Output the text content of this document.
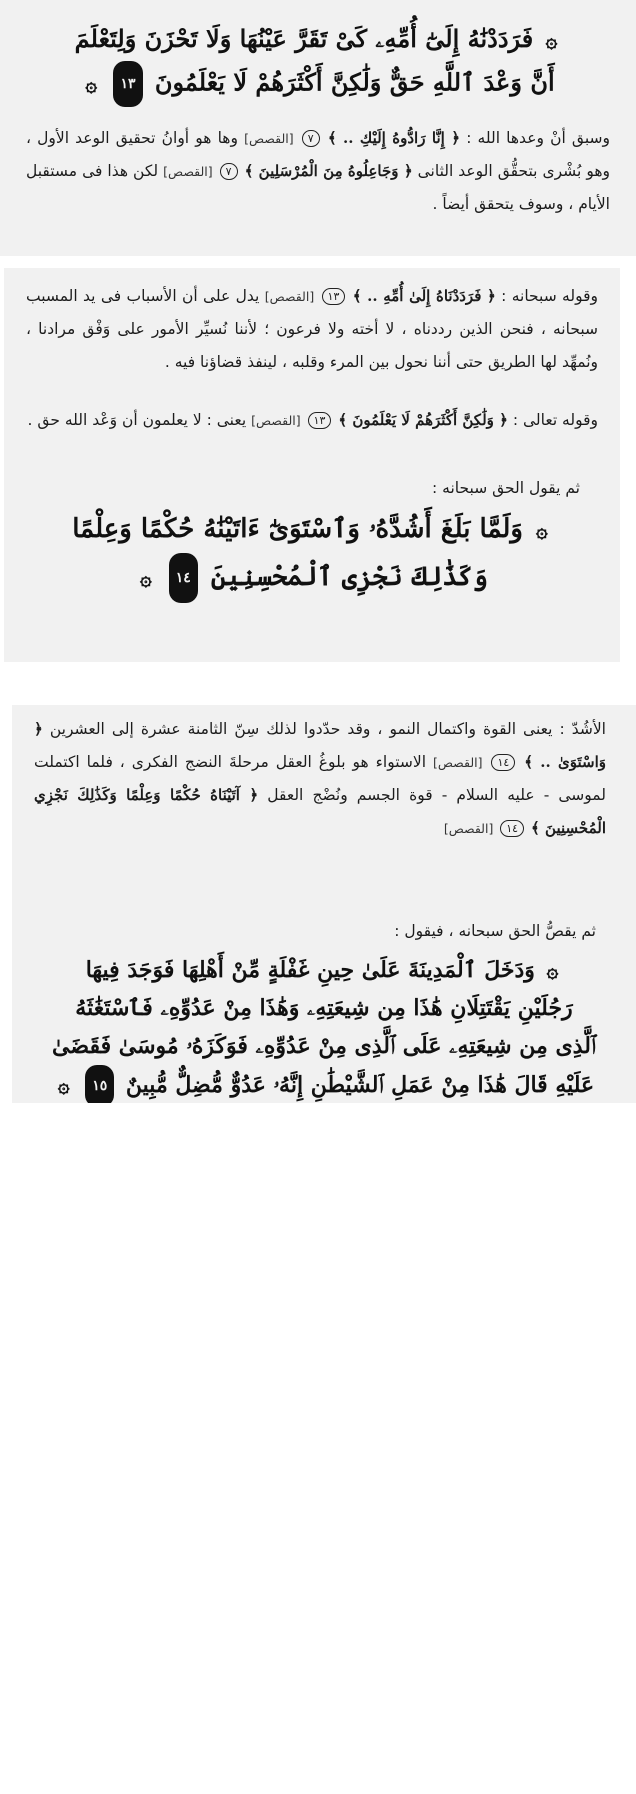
۞ فَرَدَدْنَٰهُ إِلَىٰٓ أُمِّهِۦ كَىْ تَقَرَّ عَيْنُهَا وَلَا تَحْزَنَ وَلِتَعْلَمَ
أَنَّ وَعْدَ ٱللَّهِ حَقٌّ وَلَٰكِنَّ أَكْثَرَهُمْ لَا يَعْلَمُونَ ١٣ ۞

وسبق أنْ وعدها الله : ﴿ إِنَّا رَادُّوهُ إِلَيْكِ .. ﴾ ٧ [القصص] وها هو أوانُ تحقيق الوعد الأول ، وهو بُشْرى بتحقُّق الوعد الثانى ﴿ وَجَاعِلُوهُ مِنَ الْمُرْسَلِينَ ﴾ ٧ [القصص] لكن هذا فى مستقبل الأيام ، وسوف يتحقق أيضاً .

وقوله سبحانه : ﴿ فَرَدَدْنَاهُ إِلَىٰ أُمِّهِ .. ﴾ ١٣ [القصص] يدل على أن الأسباب فى يد المسبب سبحانه ، فنحن الذين رددناه ، لا أخته ولا فرعون ؛ لأننا نُسيِّر الأمور على وَفْق مرادنا ، ونُمهِّد لها الطريق حتى أننا نحول بين المرء وقلبه ، لينفذ قضاؤنا فيه .

وقوله تعالى : ﴿ وَلَٰكِنَّ أَكْثَرَهُمْ لَا يَعْلَمُونَ ﴾ ١٣ [القصص] يعنى : لا يعلمون أن وَعْد الله حق .

ثم يقول الحق سبحانه :

۞ وَلَمَّا بَلَغَ أَشُدَّهُۥ وَٱسْتَوَىٰٓ ءَاتَيْنَٰهُ حُكْمًا وَعِلْمًا
وَكَذَٰلِكَ نَجْزِى ٱلْمُحْسِنِينَ ١٤ ۞

الأشُدّ : يعنى القوة واكتمال النمو ، وقد حدّدوا لذلك سِنّ الثامنة عشرة إلى العشرين ﴿ وَاسْتَوَىٰ .. ﴾ ١٤ [القصص] الاستواء هو بلوغُ العقل مرحلةَ النضج الفكرى ، فلما اكتملت لموسى - عليه السلام - قوة الجسم ونُضْج العقل ﴿ آتَيْنَاهُ حُكْمًا وَعِلْمًا وَكَذَٰلِكَ نَجْزِي الْمُحْسِنِينَ ﴾ ١٤ [القصص]

ثم يقصُّ الحق سبحانه ، فيقول :

۞ وَدَخَلَ ٱلْمَدِينَةَ عَلَىٰ حِينِ غَفْلَةٍ مِّنْ أَهْلِهَا فَوَجَدَ فِيهَا
رَجُلَيْنِ يَقْتَتِلَانِ هَٰذَا مِن شِيعَتِهِۦ وَهَٰذَا مِنْ عَدُوِّهِۦ فَٱسْتَغَٰثَهُ
ٱلَّذِى مِن شِيعَتِهِۦ عَلَى ٱلَّذِى مِنْ عَدُوِّهِۦ فَوَكَزَهُۥ مُوسَىٰ فَقَضَىٰ
عَلَيْهِ قَالَ هَٰذَا مِنْ عَمَلِ ٱلشَّيْطَٰنِ إِنَّهُۥ عَدُوٌّ مُّضِلٌّ مُّبِينٌ ١٥ ۞
